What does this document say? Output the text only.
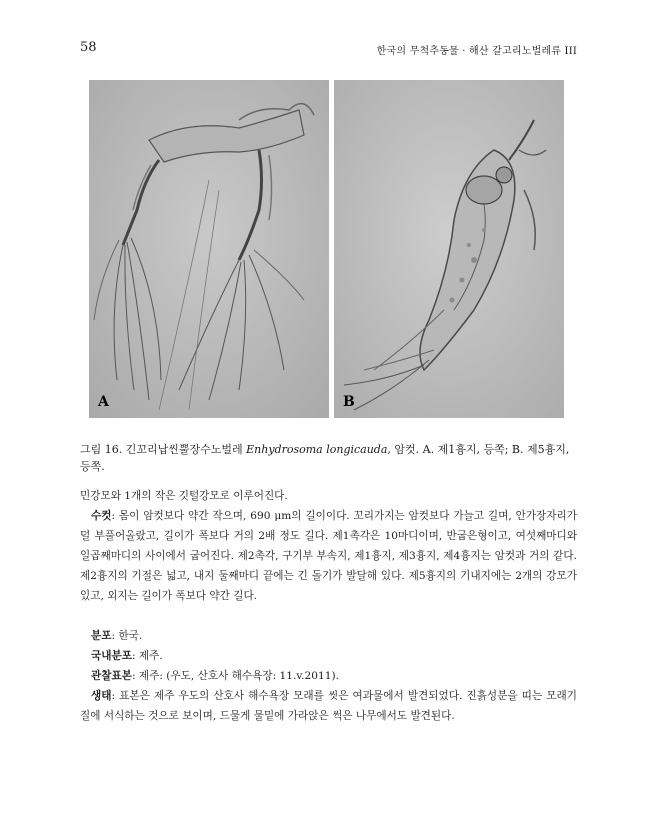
58	한국의 무척추동물 · 해산 갈고리노벌레류 III
A	B
그림 16. 긴꼬리납씬뿔장수노벌레 Enhydrosoma longicauda, 암컷. A. 제1흉지, 등쪽; B. 제5흉지, 등쪽.

민강모와 1개의 작은 깃털강모로 이루어진다.

수컷: 몸이 암컷보다 약간 작으며, 690 μm의 길이이다. 꼬리가지는 암컷보다 가늘고 길며, 안가장자리가 덜 부풀어올랐고, 길이가 폭보다 거의 2배 정도 길다. 제1촉각은 10마디이며, 반굽은형이고, 여섯째마디와 일곱째마디의 사이에서 굽어진다. 제2촉각, 구기부 부속지, 제1흉지, 제3흉지, 제4흉지는 암컷과 거의 같다. 제2흉지의 기절은 넓고, 내지 둘째마디 끝에는 긴 돌기가 발달해 있다. 제5흉지의 기내지에는 2개의 강모가 있고, 외지는 길이가 폭보다 약간 길다.

분포: 한국.

국내분포: 제주.

관찰표본: 제주: (우도, 산호사 해수욕장: 11.v.2011).

생태: 표본은 제주 우도의 산호사 해수욕장 모래를 씻은 여과물에서 발견되었다. 진흙성분을 띠는 모래기질에 서식하는 것으로 보이며, 드물게 물밑에 가라앉은 썩은 나무에서도 발견된다.
